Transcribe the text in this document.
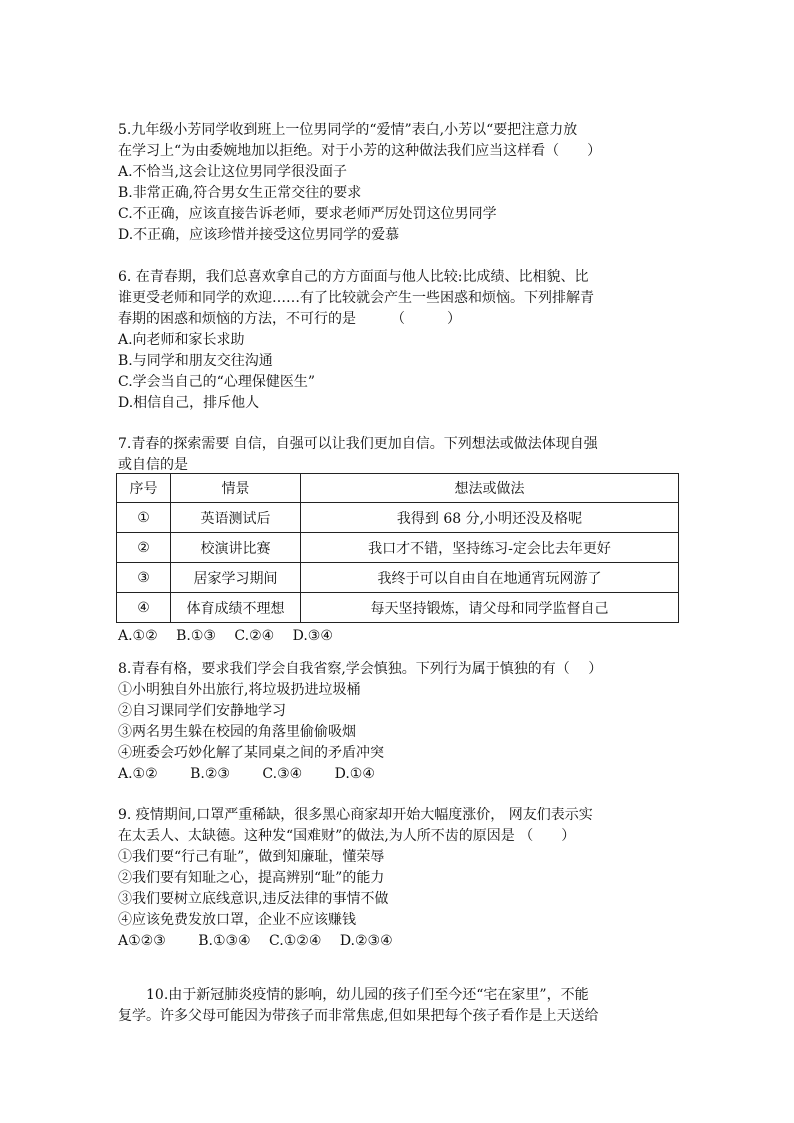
5.九年级小芳同学收到班上一位男同学的“爱情”表白,小芳以“要把注意力放
在学习上“为由委婉地加以拒绝。对于小芳的这种做法我们应当这样看（　　）
A.不恰当,这会让这位男同学很没面子
B.非常正确,符合男女生正常交往的要求
C.不正确，应该直接告诉老师，要求老师严厉处罚这位男同学
D.不正确，应该珍惜并接受这位男同学的爱慕
6. 在青春期，我们总喜欢拿自己的方方面面与他人比较:比成绩、比相貌、比
谁更受老师和同学的欢迎……有了比较就会产生一些困惑和烦恼。下列排解青
春期的困惑和烦恼的方法，不可行的是　　　（　　　）
A.向老师和家长求助
B.与同学和朋友交往沟通
C.学会当自己的“心理保健医生”
D.相信自己，排斥他人
7.青春的探索需要 自信，自强可以让我们更加自信。下列想法或做法体现自强
或自信的是
序号	情景	想法或做法
①	英语测试后	我得到 68 分,小明还没及格呢
②	校演讲比赛	我口才不错，坚持练习-定会比去年更好
③	居家学习期间	我终于可以自由自在地通宵玩网游了
④	体育成绩不理想	每天坚持锻炼，请父母和同学监督自己
A.①②　 B.①③　 C.②④　 D.③④
8.青春有格，要求我们学会自我省察,学会慎独。下列行为属于慎独的有（　 ）
①小明独自外出旅行,将垃圾扔进垃圾桶
②自习课同学们安静地学习
③两名男生躲在校园的角落里偷偷吸烟
④班委会巧妙化解了某同桌之间的矛盾冲突
A.①②　　 B.②③　　 C.③④　　 D.①④
9. 疫情期间,口罩严重稀缺，很多黑心商家却开始大幅度涨价， 网友们表示实
在太丢人、太缺德。这种发“国难财”的做法,为人所不齿的原因是 （　　）
①我们要“行己有耻”，做到知廉耻，懂荣辱
②我们要有知耻之心，提高辨别“耻”的能力
③我们要树立底线意识,违反法律的事情不做
④应该免费发放口罩，企业不应该赚钱
A①②③　　 B.①③④　 C.①②④　 D.②③④
10.由于新冠肺炎疫情的影响，幼儿园的孩子们至今还“宅在家里”，不能
复学。许多父母可能因为带孩子而非常焦虑,但如果把每个孩子看作是上天送给
